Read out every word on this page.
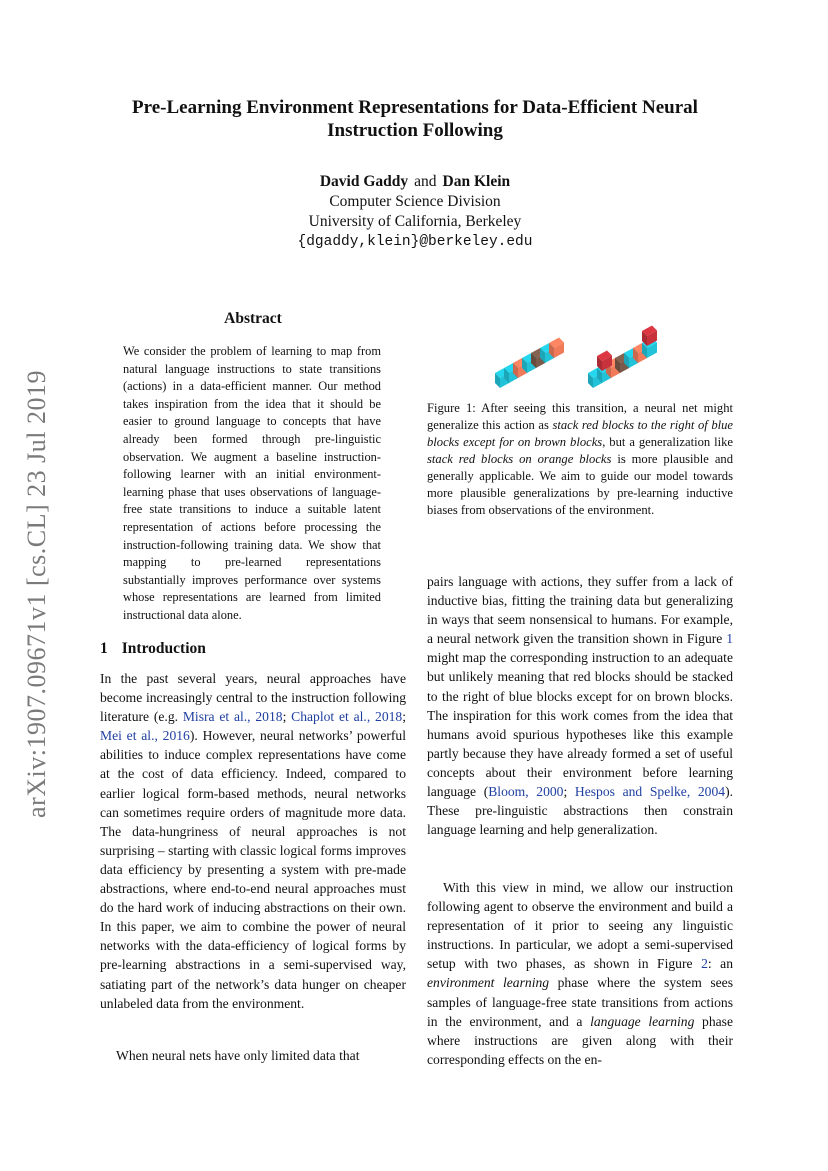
arXiv:1907.09671v1 [cs.CL] 23 Jul 2019
Pre-Learning Environment Representations for Data-Efficient Neural Instruction Following
David Gaddy and Dan Klein
Computer Science Division
University of California, Berkeley
{dgaddy,klein}@berkeley.edu
Abstract
We consider the problem of learning to map from natural language instructions to state transitions (actions) in a data-efficient manner. Our method takes inspiration from the idea that it should be easier to ground language to concepts that have already been formed through pre-linguistic observation. We augment a baseline instruction-following learner with an initial environment-learning phase that uses observations of language-free state transitions to induce a suitable latent representation of actions before processing the instruction-following training data. We show that mapping to pre-learned representations substantially improves performance over systems whose representations are learned from limited instructional data alone.
1 Introduction

In the past several years, neural approaches have become increasingly central to the instruction following literature (e.g. Misra et al., 2018; Chaplot et al., 2018; Mei et al., 2016). However, neural networks’ powerful abilities to induce complex representations have come at the cost of data efficiency. Indeed, compared to earlier logical form-based methods, neural networks can sometimes require orders of magnitude more data. The data-hungriness of neural approaches is not surprising – starting with classic logical forms improves data efficiency by presenting a system with pre-made abstractions, where end-to-end neural approaches must do the hard work of inducing abstractions on their own. In this paper, we aim to combine the power of neural networks with the data-efficiency of logical forms by pre-learning abstractions in a semi-supervised way, satiating part of the network’s data hunger on cheaper unlabeled data from the environment.

When neural nets have only limited data that

Figure 1: After seeing this transition, a neural net might generalize this action as stack red blocks to the right of blue blocks except for on brown blocks, but a generalization like stack red blocks on orange blocks is more plausible and generally applicable. We aim to guide our model towards more plausible generalizations by pre-learning inductive biases from observations of the environment.

pairs language with actions, they suffer from a lack of inductive bias, fitting the training data but generalizing in ways that seem nonsensical to humans. For example, a neural network given the transition shown in Figure 1 might map the corresponding instruction to an adequate but unlikely meaning that red blocks should be stacked to the right of blue blocks except for on brown blocks. The inspiration for this work comes from the idea that humans avoid spurious hypotheses like this example partly because they have already formed a set of useful concepts about their environment before learning language (Bloom, 2000; Hespos and Spelke, 2004). These pre-linguistic abstractions then constrain language learning and help generalization.

With this view in mind, we allow our instruction following agent to observe the environment and build a representation of it prior to seeing any linguistic instructions. In particular, we adopt a semi-supervised setup with two phases, as shown in Figure 2: an environment learning phase where the system sees samples of language-free state transitions from actions in the environment, and a language learning phase where instructions are given along with their corresponding effects on the en-
